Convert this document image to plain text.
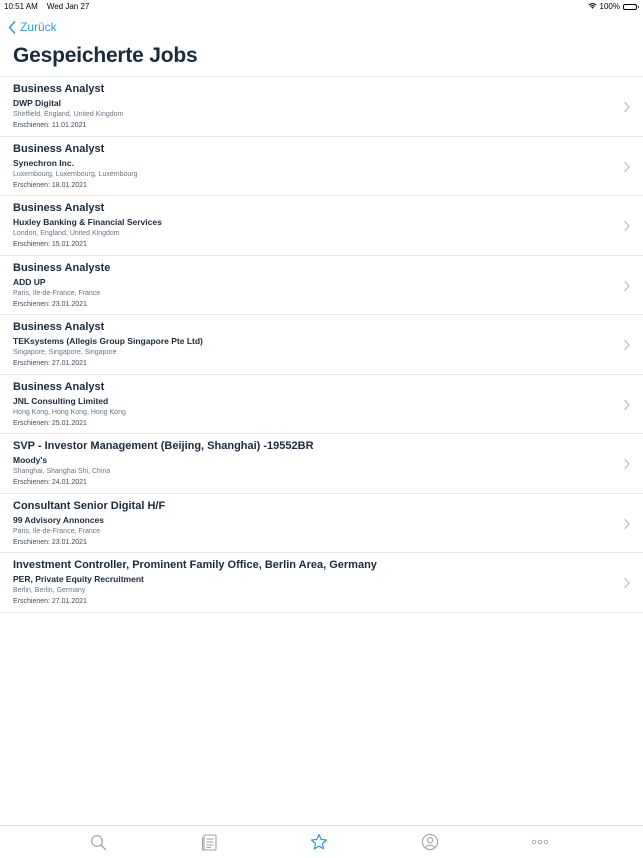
10:51 AM Wed Jan 27	100%
Zurück
Gespeicherte Jobs
Business Analyst
DWP Digital
Sheffield, England, United Kingdom
Erschienen: 11.01.2021
Business Analyst
Synechron Inc.
Luxembourg, Luxembourg, Luxembourg
Erschienen: 18.01.2021
Business Analyst
Huxley Banking & Financial Services
London, England, United Kingdom
Erschienen: 15.01.2021
Business Analyste
ADD UP
Paris, Ile-de-France, France
Erschienen: 23.01.2021
Business Analyst
TEKsystems (Allegis Group Singapore Pte Ltd)
Singapore, Singapore, Singapore
Erschienen: 27.01.2021
Business Analyst
JNL Consulting Limited
Hong Kong, Hong Kong, Hong Kong
Erschienen: 25.01.2021
SVP - Investor Management (Beijing, Shanghai) -19552BR
Moody's
Shanghai, Shanghai Shi, China
Erschienen: 24.01.2021
Consultant Senior Digital H/F
99 Advisory Annonces
Paris, Ile-de-France, France
Erschienen: 23.01.2021
Investment Controller, Prominent Family Office, Berlin Area, Germany
PER, Private Equity Recruitment
Berlin, Berlin, Germany
Erschienen: 27.01.2021
